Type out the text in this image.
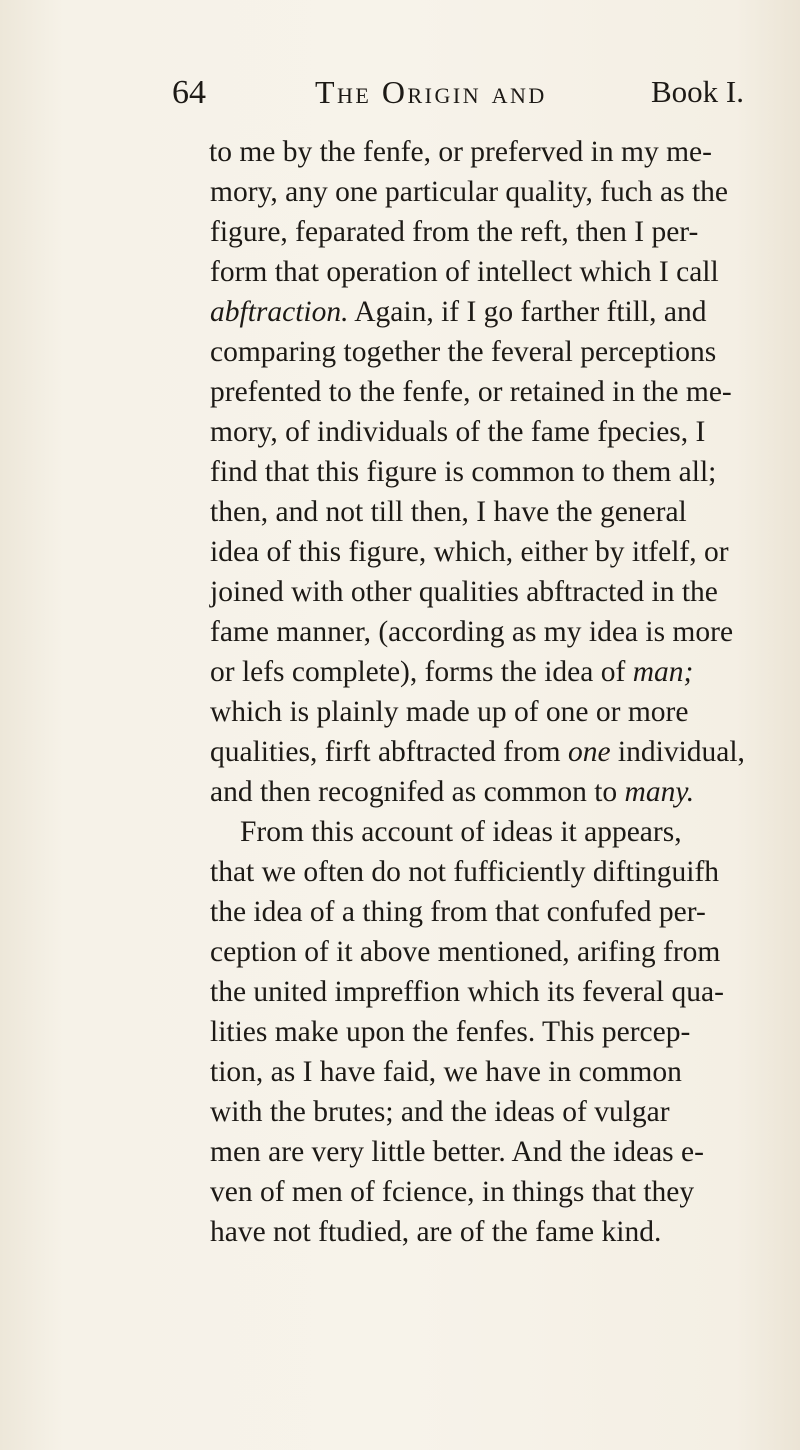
64	The Origin and	Book I.
to me by the fenfe, or preferved in my me-
mory, any one particular quality, fuch as the
figure, feparated from the reft, then I per-
form that operation of intellect which I call
abftraction. Again, if I go farther ftill, and
comparing together the feveral perceptions
prefented to the fenfe, or retained in the me-
mory, of individuals of the fame fpecies, I
find that this figure is common to them all;
then, and not till then, I have the general
idea of this figure, which, either by itfelf, or
joined with other qualities abftracted in the
fame manner, (according as my idea is more
or lefs complete), forms the idea of man;
which is plainly made up of one or more
qualities, firft abftracted from one individual,
and then recognifed as common to many.
From this account of ideas it appears,
that we often do not fufficiently diftinguifh
the idea of a thing from that confufed per-
ception of it above mentioned, arifing from
the united impreffion which its feveral qua-
lities make upon the fenfes. This percep-
tion, as I have faid, we have in common
with the brutes; and the ideas of vulgar
men are very little better. And the ideas e-
ven of men of fcience, in things that they
have not ftudied, are of the fame kind.
